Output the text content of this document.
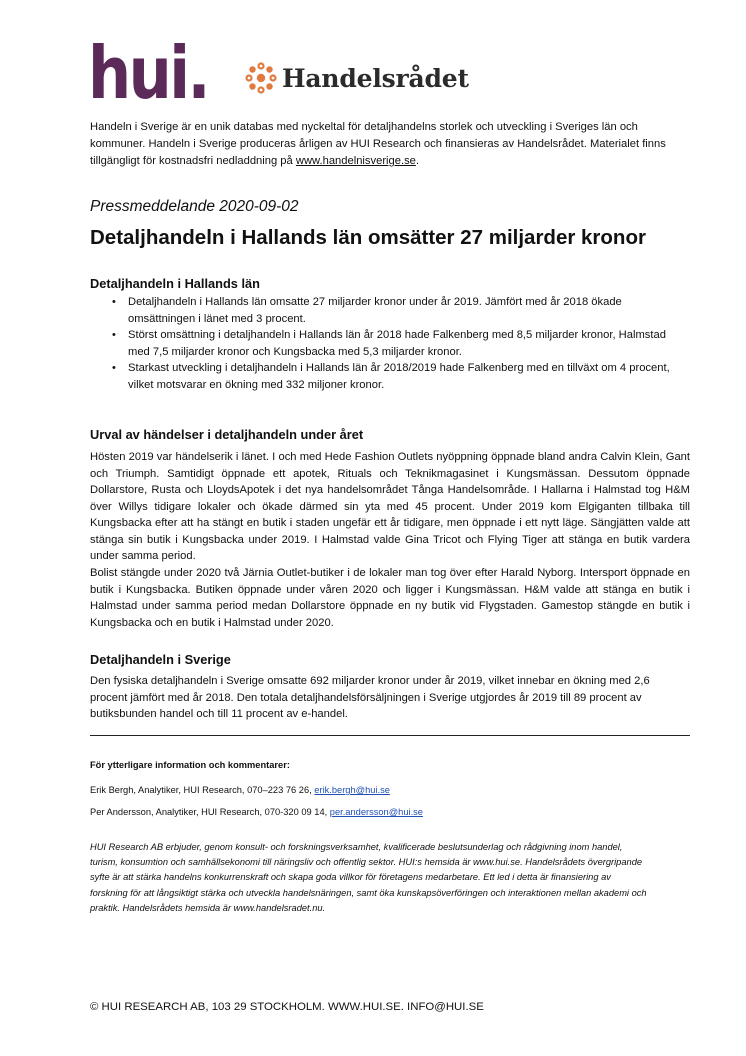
hui.	Handelsrådet
Handeln i Sverige är en unik databas med nyckeltal för detaljhandelns storlek och utveckling i Sveriges län och kommuner. Handeln i Sverige produceras årligen av HUI Research och finansieras av Handelsrådet. Materialet finns tillgängligt för kostnadsfri nedladdning på www.handelnisverige.se.
Pressmeddelande 2020-09-02
Detaljhandeln i Hallands län omsätter 27 miljarder kronor
Detaljhandeln i Hallands län
• Detaljhandeln i Hallands län omsatte 27 miljarder kronor under år 2019. Jämfört med år 2018 ökade omsättningen i länet med 3 procent.
• Störst omsättning i detaljhandeln i Hallands län år 2018 hade Falkenberg med 8,5 miljarder kronor, Halmstad med 7,5 miljarder kronor och Kungsbacka med 5,3 miljarder kronor.
• Starkast utveckling i detaljhandeln i Hallands län år 2018/2019 hade Falkenberg med en tillväxt om 4 procent, vilket motsvarar en ökning med 332 miljoner kronor.
Urval av händelser i detaljhandeln under året
Hösten 2019 var händelserik i länet. I och med Hede Fashion Outlets nyöppning öppnade bland andra Calvin Klein, Gant och Triumph. Samtidigt öppnade ett apotek, Rituals och Teknikmagasinet i Kungsmässan. Dessutom öppnade Dollarstore, Rusta och LloydsApotek i det nya handelsområdet Tånga Handelsområde. I Hallarna i Halmstad tog H&M över Willys tidigare lokaler och ökade därmed sin yta med 45 procent. Under 2019 kom Elgiganten tillbaka till Kungsbacka efter att ha stängt en butik i staden ungefär ett år tidigare, men öppnade i ett nytt läge. Sängjätten valde att stänga sin butik i Kungsbacka under 2019. I Halmstad valde Gina Tricot och Flying Tiger att stänga en butik vardera under samma period.
Bolist stängde under 2020 två Järnia Outlet-butiker i de lokaler man tog över efter Harald Nyborg. Intersport öppnade en butik i Kungsbacka. Butiken öppnade under våren 2020 och ligger i Kungsmässan. H&M valde att stänga en butik i Halmstad under samma period medan Dollarstore öppnade en ny butik vid Flygstaden. Gamestop stängde en butik i Kungsbacka och en butik i Halmstad under 2020.
Detaljhandeln i Sverige
Den fysiska detaljhandeln i Sverige omsatte 692 miljarder kronor under år 2019, vilket innebar en ökning med 2,6 procent jämfört med år 2018. Den totala detaljhandelsförsäljningen i Sverige utgjordes år 2019 till 89 procent av butiksbunden handel och till 11 procent av e-handel.
För ytterligare information och kommentarer:
Erik Bergh, Analytiker, HUI Research, 070–223 76 26, erik.bergh@hui.se
Per Andersson, Analytiker, HUI Research, 070-320 09 14, per.andersson@hui.se
HUI Research AB erbjuder, genom konsult- och forskningsverksamhet, kvalificerade beslutsunderlag och rådgivning inom handel, turism, konsumtion och samhällsekonomi till näringsliv och offentlig sektor. HUI:s hemsida är www.hui.se. Handelsrådets övergripande syfte är att stärka handelns konkurrenskraft och skapa goda villkor för företagens medarbetare. Ett led i detta är finansiering av forskning för att långsiktigt stärka och utveckla handelsnäringen, samt öka kunskapsöverföringen och interaktionen mellan akademi och praktik. Handelsrådets hemsida är www.handelsradet.nu.
© HUI RESEARCH AB, 103 29 STOCKHOLM. WWW.HUI.SE. INFO@HUI.SE
